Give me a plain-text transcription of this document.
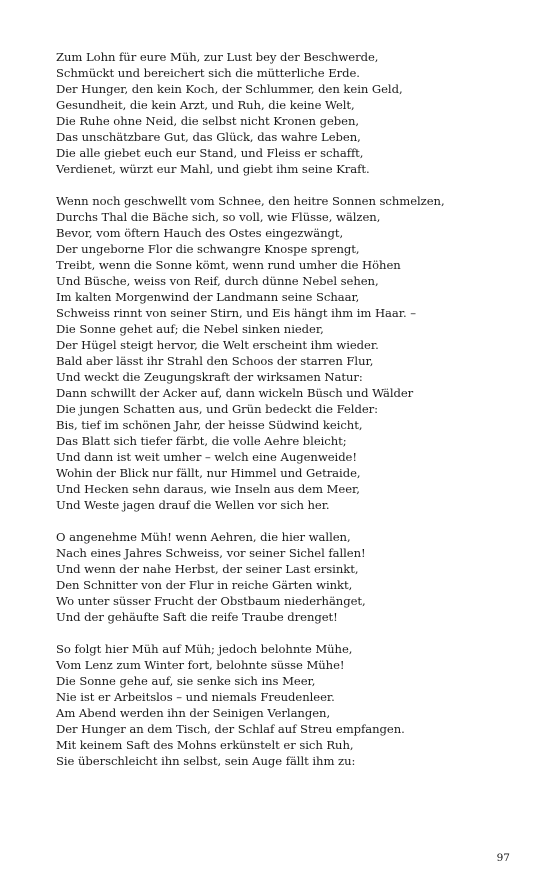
Zum Lohn für eure Müh, zur Lust bey der Beschwerde,
Schmückt und bereichert sich die mütterliche Erde.
Der Hunger, den kein Koch, der Schlummer, den kein Geld,
Gesundheit, die kein Arzt, und Ruh, die keine Welt,
Die Ruhe ohne Neid, die selbst nicht Kronen geben,
Das unschätzbare Gut, das Glück, das wahre Leben,
Die alle giebet euch eur Stand, und Fleiss er schafft,
Verdienet, würzt eur Mahl, und giebt ihm seine Kraft.
Wenn noch geschwellt vom Schnee, den heitre Sonnen schmelzen,
Durchs Thal die Bäche sich, so voll, wie Flüsse, wälzen,
Bevor, vom öftern Hauch des Ostes eingezwängt,
Der ungeborne Flor die schwangre Knospe sprengt,
Treibt, wenn die Sonne kömt, wenn rund umher die Höhen
Und Büsche, weiss von Reif, durch dünne Nebel sehen,
Im kalten Morgenwind der Landmann seine Schaar,
Schweiss rinnt von seiner Stirn, und Eis hängt ihm im Haar. –
Die Sonne gehet auf; die Nebel sinken nieder,
Der Hügel steigt hervor, die Welt erscheint ihm wieder.
Bald aber lässt ihr Strahl den Schoos der starren Flur,
Und weckt die Zeugungskraft der wirksamen Natur:
Dann schwillt der Acker auf, dann wickeln Büsch und Wälder
Die jungen Schatten aus, und Grün bedeckt die Felder:
Bis, tief im schönen Jahr, der heisse Südwind keicht,
Das Blatt sich tiefer färbt, die volle Aehre bleicht;
Und dann ist weit umher – welch eine Augenweide!
Wohin der Blick nur fällt, nur Himmel und Getraide,
Und Hecken sehn daraus, wie Inseln aus dem Meer,
Und Weste jagen drauf die Wellen vor sich her.
O angenehme Müh! wenn Aehren, die hier wallen,
Nach eines Jahres Schweiss, vor seiner Sichel fallen!
Und wenn der nahe Herbst, der seiner Last ersinkt,
Den Schnitter von der Flur in reiche Gärten winkt,
Wo unter süsser Frucht der Obstbaum niederhänget,
Und der gehäufte Saft die reife Traube drenget!
So folgt hier Müh auf Müh; jedoch belohnte Mühe,
Vom Lenz zum Winter fort, belohnte süsse Mühe!
Die Sonne gehe auf, sie senke sich ins Meer,
Nie ist er Arbeitslos – und niemals Freudenleer.
Am Abend werden ihn der Seinigen Verlangen,
Der Hunger an dem Tisch, der Schlaf auf Streu empfangen.
Mit keinem Saft des Mohns erkünstelt er sich Ruh,
Sie überschleicht ihn selbst, sein Auge fällt ihm zu:
97
